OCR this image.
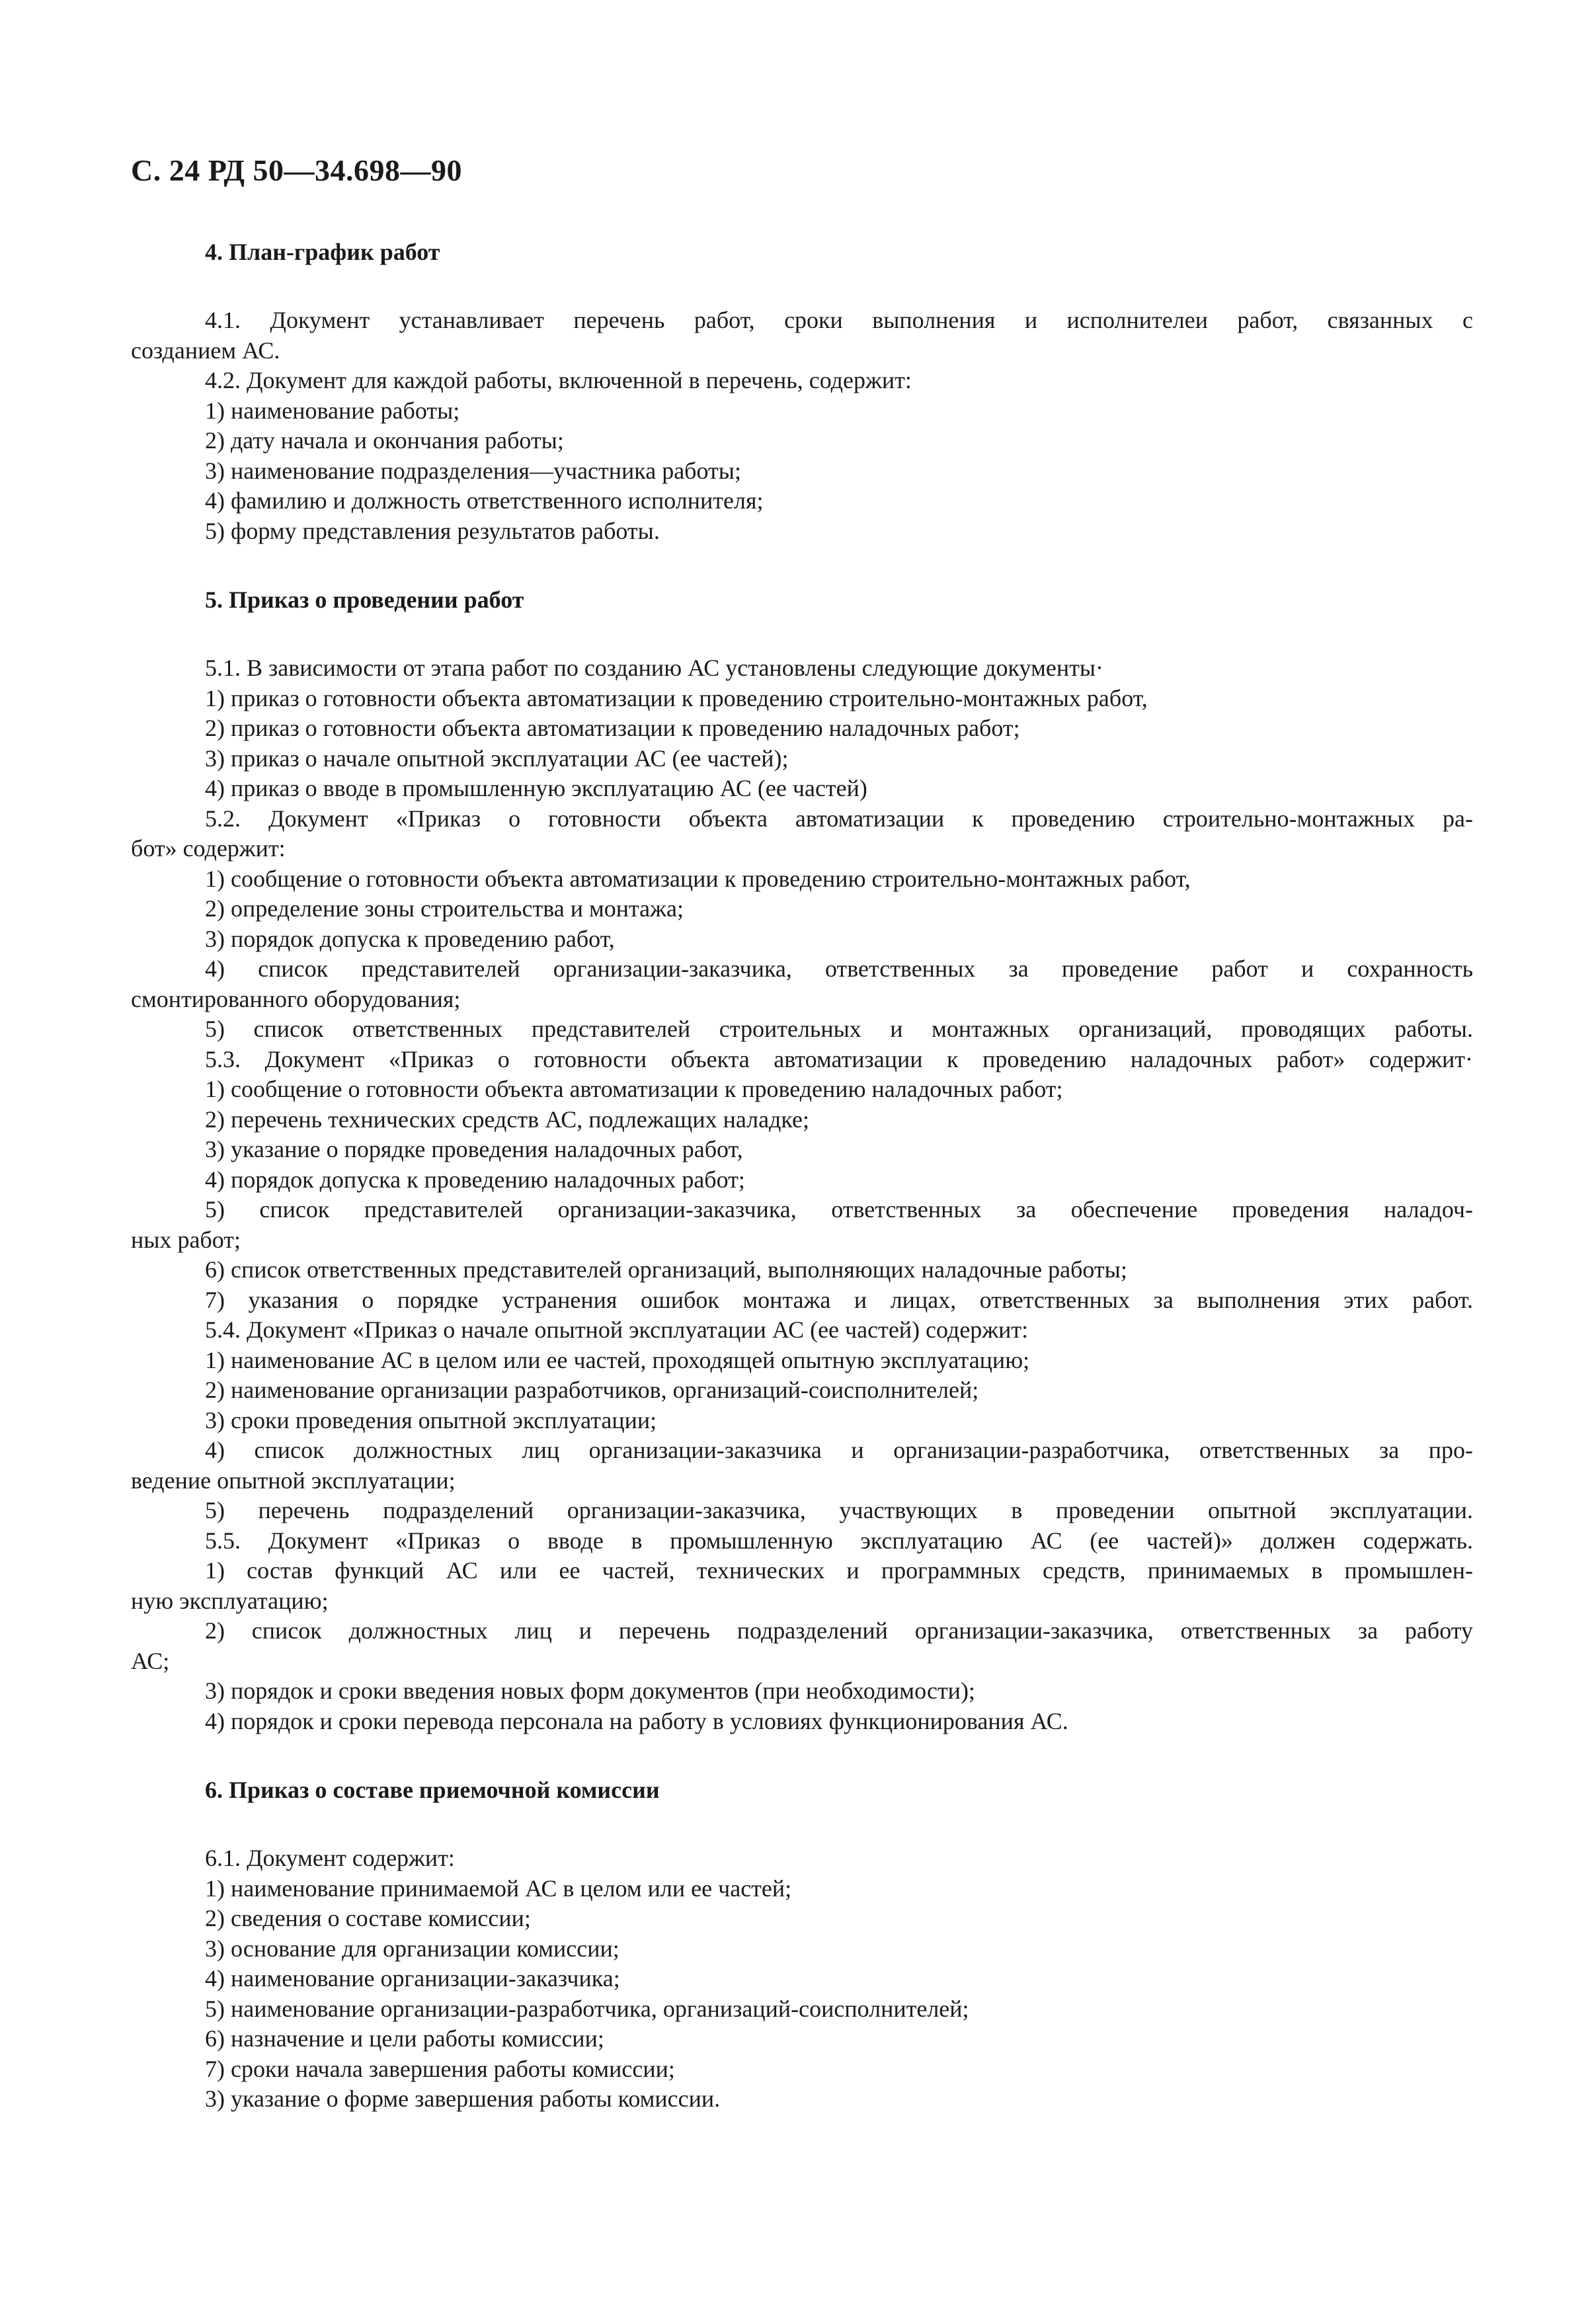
С. 24 РД 50—34.698—90
4. План-график работ
4.1. Документ устанавливает перечень работ, сроки выполнения и исполнителеи работ, связанных с
созданием АС.
4.2. Документ для каждой работы, включенной в перечень, содержит:
1) наименование работы;
2) дату начала и окончания работы;
3) наименование подразделения—участника работы;
4) фамилию и должность ответственного исполнителя;
5) форму представления результатов работы.
5. Приказ о проведении работ
5.1. В зависимости от этапа работ по созданию АС установлены следующие документы·
1) приказ о готовности объекта автоматизации к проведению строительно-монтажных работ,
2) приказ о готовности объекта автоматизации к проведению наладочных работ;
3) приказ о начале опытной эксплуатации АС (ее частей);
4) приказ о вводе в промышленную эксплуатацию АС (ее частей)
5.2. Документ «Приказ о готовности объекта автоматизации к проведению строительно-монтажных ра-
бот» содержит:
1) сообщение о готовности объекта автоматизации к проведению строительно-монтажных работ,
2) определение зоны строительства и монтажа;
3) порядок допуска к проведению работ,
4) список представителей организации-заказчика, ответственных за проведение работ и сохранность
смонтированного оборудования;
5) список ответственных представителей строительных и монтажных организаций, проводящих работы.
5.3. Документ «Приказ о готовности объекта автоматизации к проведению наладочных работ» содержит·
1) сообщение о готовности объекта автоматизации к проведению наладочных работ;
2) перечень технических средств АС, подлежащих наладке;
3) указание о порядке проведения наладочных работ,
4) порядок допуска к проведению наладочных работ;
5) список представителей организации-заказчика, ответственных за обеспечение проведения наладоч-
ных работ;
6) список ответственных представителей организаций, выполняющих наладочные работы;
7) указания о порядке устранения ошибок монтажа и лицах, ответственных за выполнения этих работ.
5.4. Документ «Приказ о начале опытной эксплуатации АС (ее частей) содержит:
1) наименование АС в целом или ее частей, проходящей опытную эксплуатацию;
2) наименование организации разработчиков, организаций-соисполнителей;
3) сроки проведения опытной эксплуатации;
4) список должностных лиц организации-заказчика и организации-разработчика, ответственных за про-
ведение опытной эксплуатации;
5) перечень подразделений организации-заказчика, участвующих в проведении опытной эксплуатации.
5.5. Документ «Приказ о вводе в промышленную эксплуатацию АС (ее частей)» должен содержать.
1) состав функций АС или ее частей, технических и программных средств, принимаемых в промышлен-
ную эксплуатацию;
2) список должностных лиц и перечень подразделений организации-заказчика, ответственных за работу
АС;
3) порядок и сроки введения новых форм документов (при необходимости);
4) порядок и сроки перевода персонала на работу в условиях функционирования АС.
6. Приказ о составе приемочной комиссии
6.1. Документ содержит:
1) наименование принимаемой АС в целом или ее частей;
2) сведения о составе комиссии;
3) основание для организации комиссии;
4) наименование организации-заказчика;
5) наименование организации-разработчика, организаций-соисполнителей;
6) назначение и цели работы комиссии;
7) сроки начала завершения работы комиссии;
3) указание о форме завершения работы комиссии.
